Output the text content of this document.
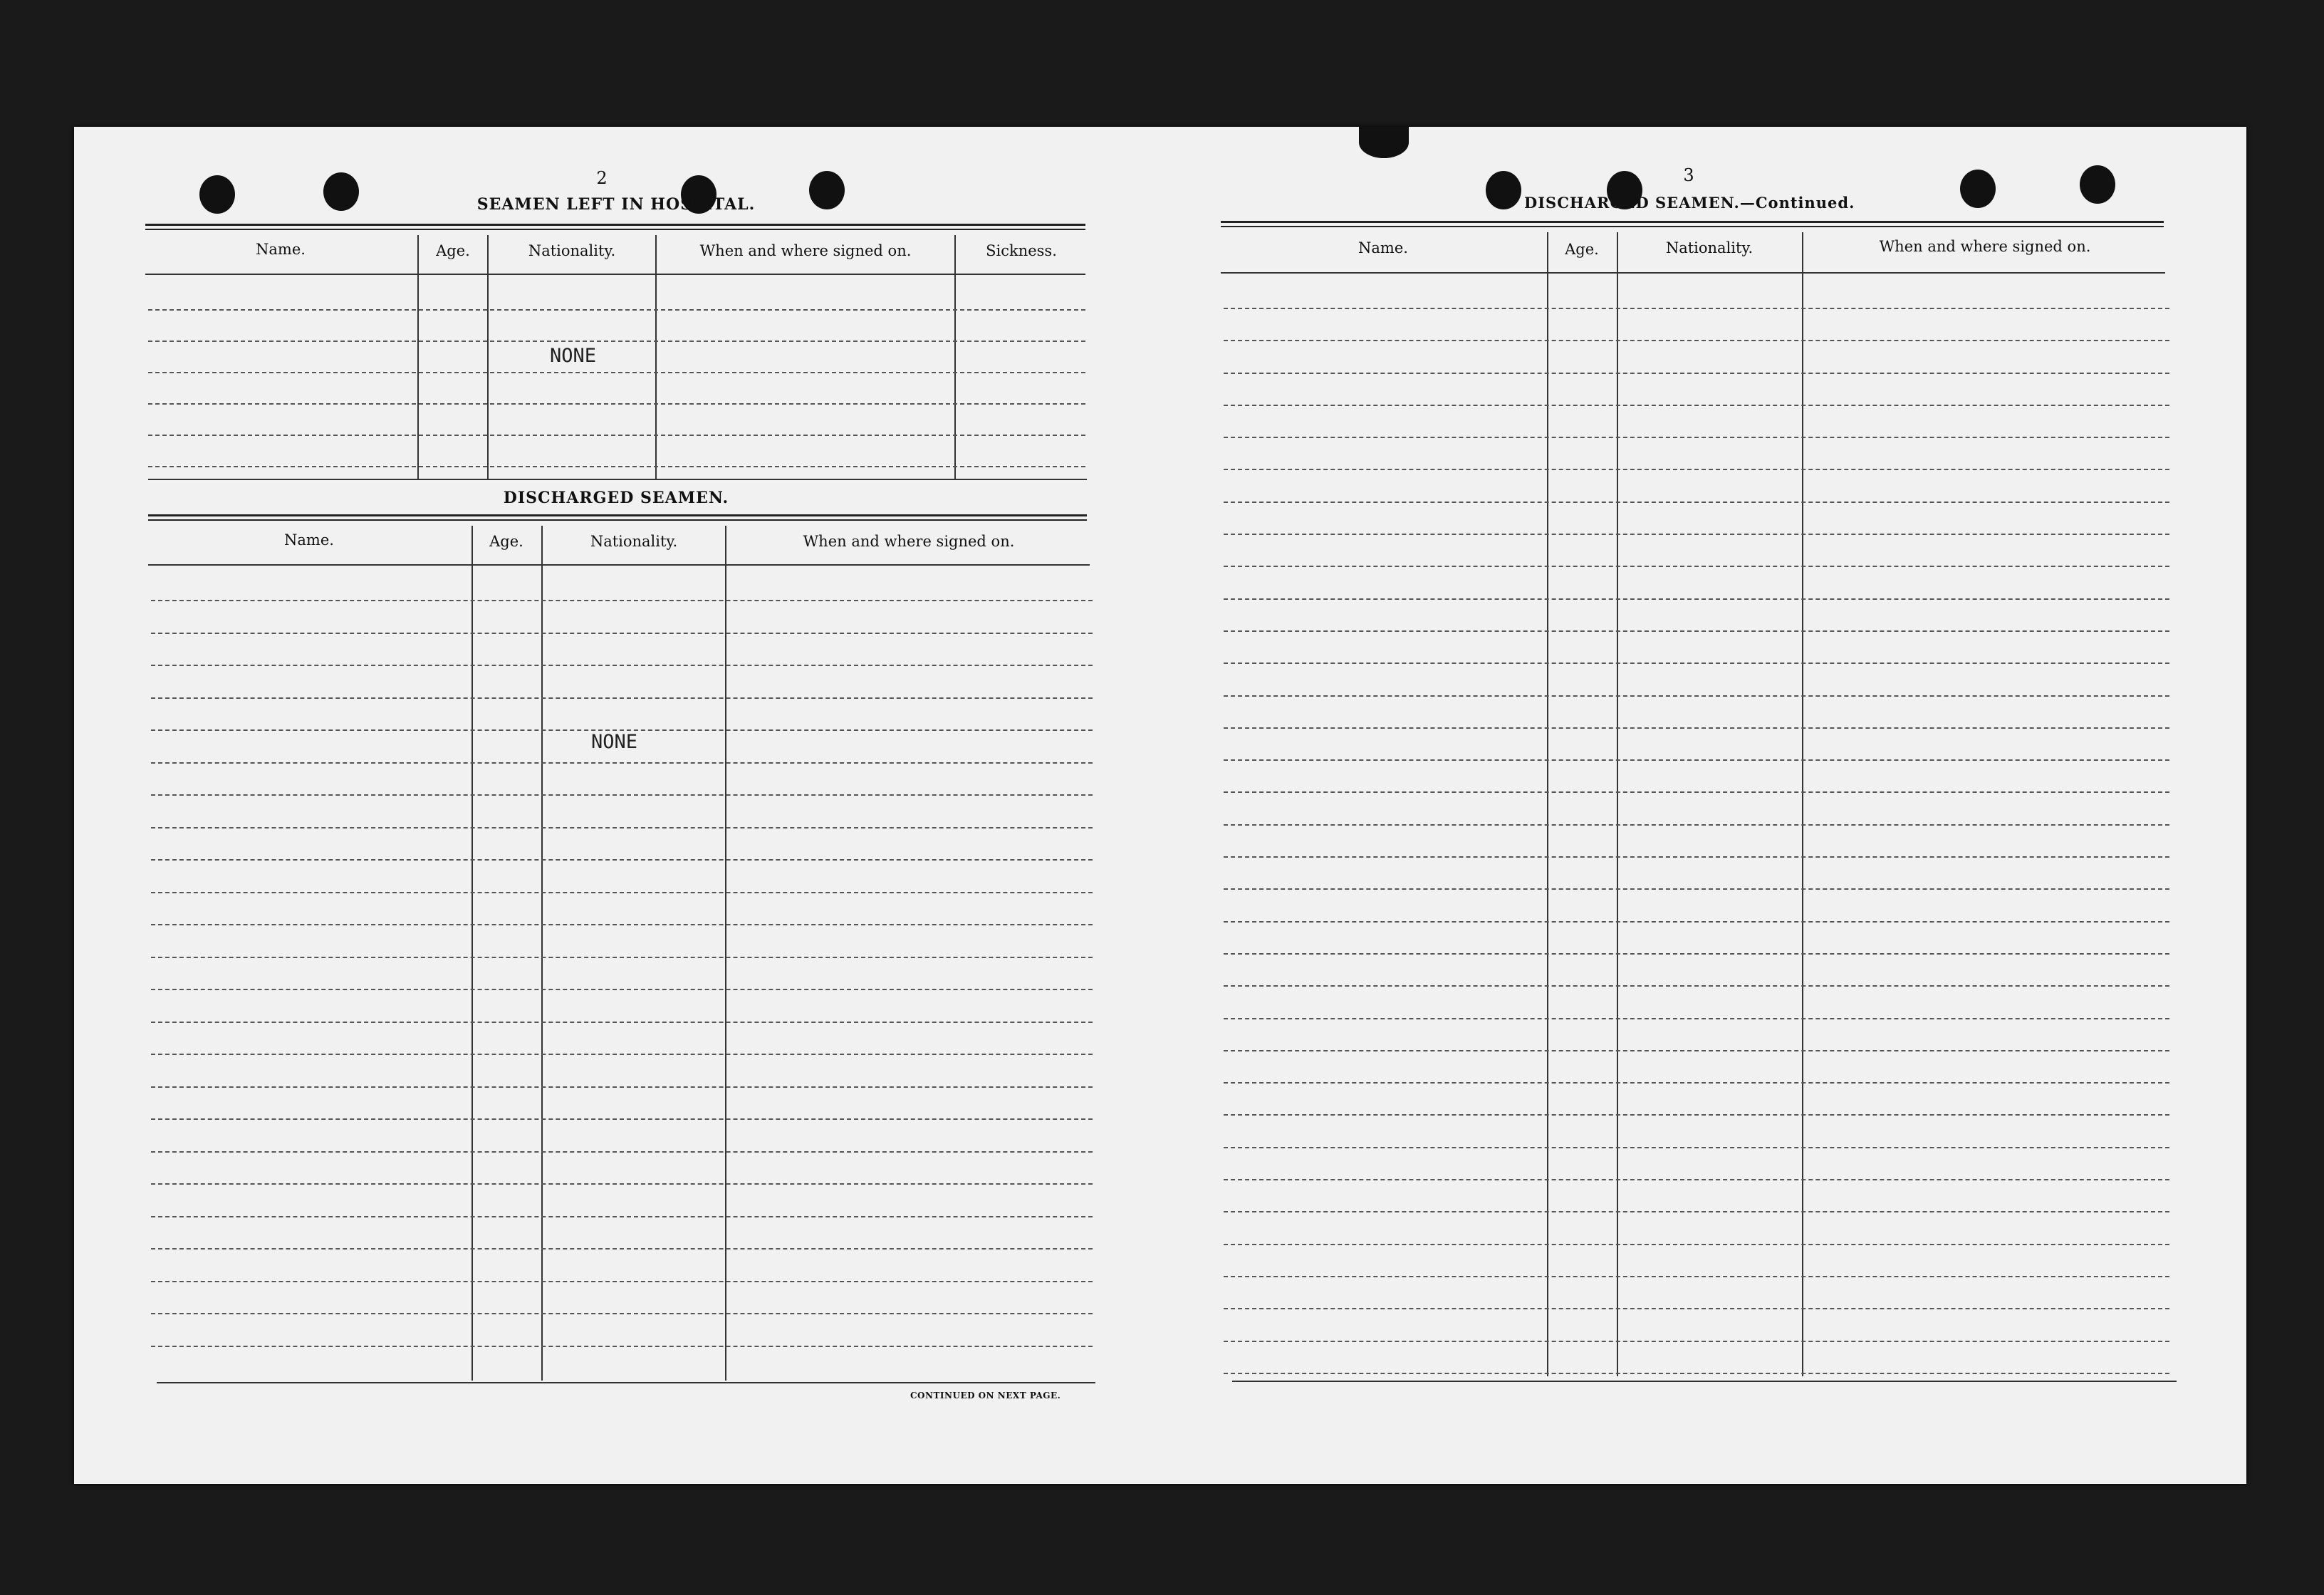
2
SEAMEN LEFT IN HOSPITAL.
Name.	Age.	Nationality.	When and where signed on.	Sickness.
NONE
DISCHARGED SEAMEN.
Name.	Age.	Nationality.	When and where signed on.
NONE
CONTINUED ON NEXT PAGE.
3
DISCHARGED SEAMEN.—Continued.
Name.	Age.	Nationality.	When and where signed on.
